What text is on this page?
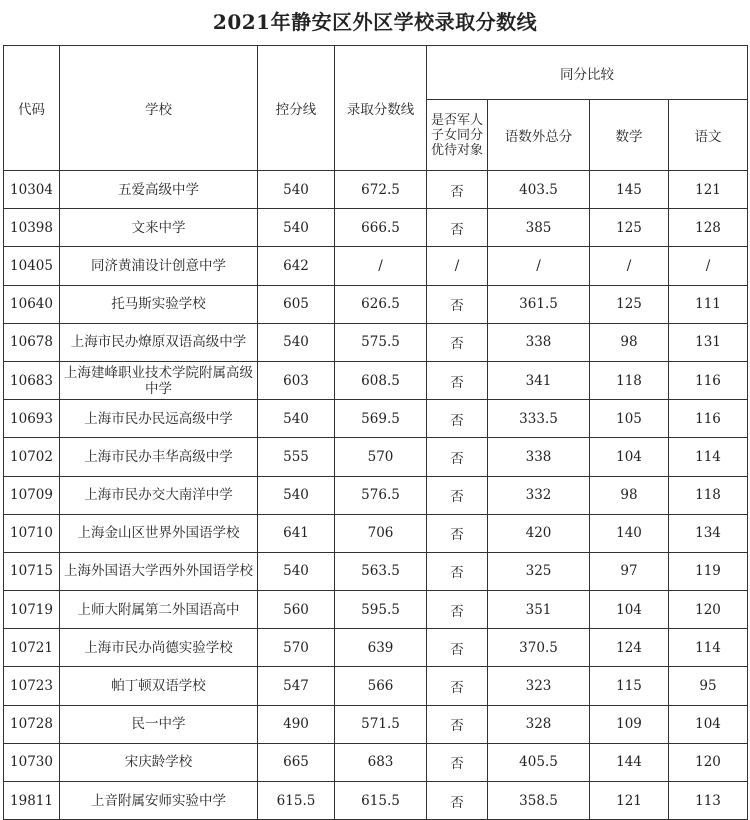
2021年静安区外区学校录取分数线
代码	学校	控分线	录取分数线	同分比较			
				是否军人子女同分优待对象	语数外总分	数学	语文
10304	五爱高级中学	540	672.5	否	403.5	145	121
10398	文来中学	540	666.5	否	385	125	128
10405	同济黄浦设计创意中学	642	/	/	/	/	/
10640	托马斯实验学校	605	626.5	否	361.5	125	111
10678	上海市民办燎原双语高级中学	540	575.5	否	338	98	131
10683	上海建峰职业技术学院附属高级中学	603	608.5	否	341	118	116
10693	上海市民办民远高级中学	540	569.5	否	333.5	105	116
10702	上海市民办丰华高级中学	555	570	否	338	104	114
10709	上海市民办交大南洋中学	540	576.5	否	332	98	118
10710	上海金山区世界外国语学校	641	706	否	420	140	134
10715	上海外国语大学西外外国语学校	540	563.5	否	325	97	119
10719	上师大附属第二外国语高中	560	595.5	否	351	104	120
10721	上海市民办尚德实验学校	570	639	否	370.5	124	114
10723	帕丁顿双语学校	547	566	否	323	115	95
10728	民一中学	490	571.5	否	328	109	104
10730	宋庆龄学校	665	683	否	405.5	144	120
19811	上音附属安师实验中学	615.5	615.5	否	358.5	121	113
